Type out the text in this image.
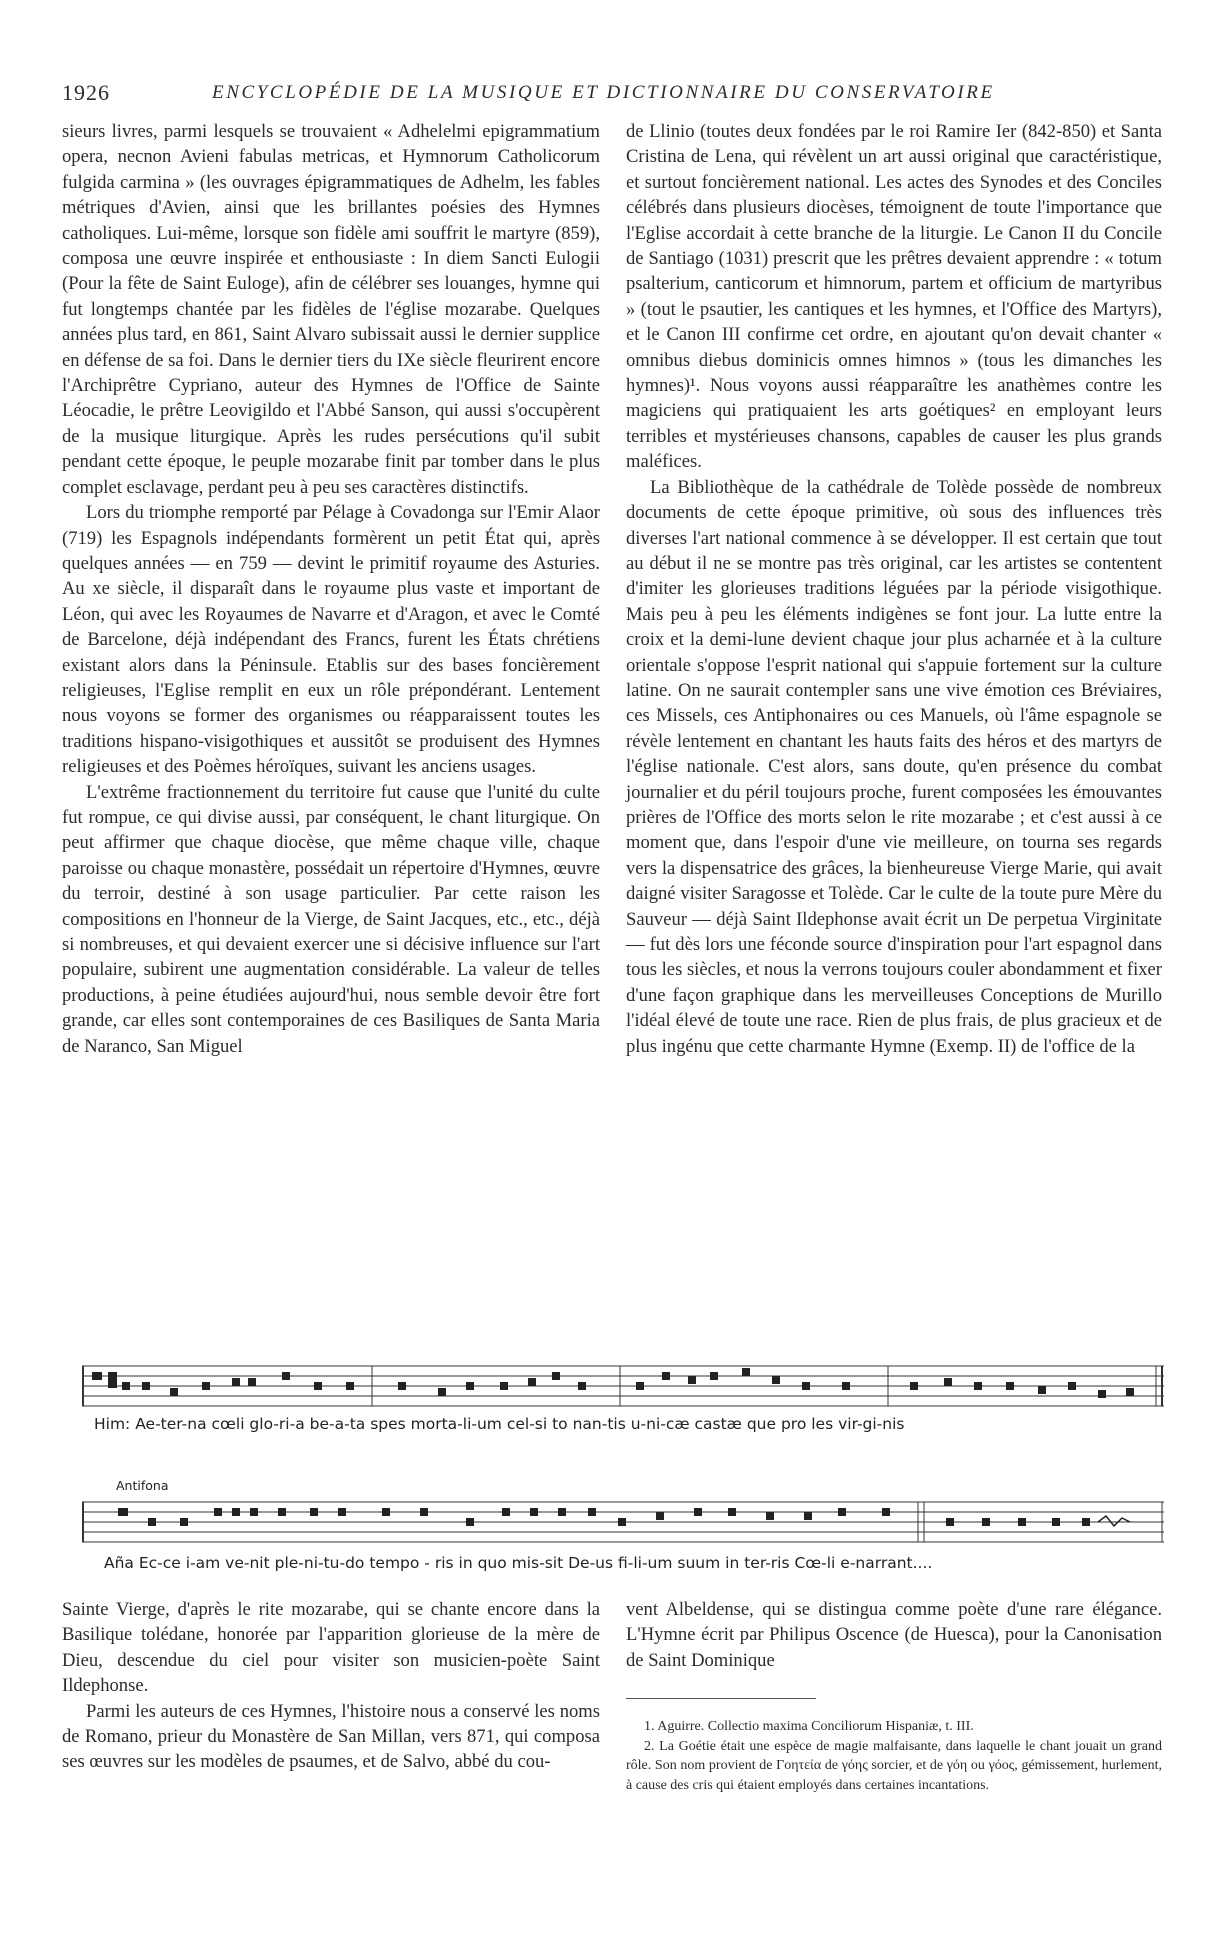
1926	ENCYCLOPÉDIE DE LA MUSIQUE ET DICTIONNAIRE DU CONSERVATOIRE

sieurs livres, parmi lesquels se trouvaient « Adhelelmi epigrammatium opera, necnon Avieni fabulas metricas, et Hymnorum Catholicorum fulgida carmina » (les ouvrages épigrammatiques de Adhelm, les fables métriques d'Avien, ainsi que les brillantes poésies des Hymnes catholiques. Lui-même, lorsque son fidèle ami souffrit le martyre (859), composa une œuvre inspirée et enthousiaste : In diem Sancti Eulogii (Pour la fête de Saint Euloge), afin de célébrer ses louanges, hymne qui fut longtemps chantée par les fidèles de l'église mozarabe. Quelques années plus tard, en 861, Saint Alvaro subissait aussi le dernier supplice en défense de sa foi. Dans le dernier tiers du IXe siècle fleurirent encore l'Archiprêtre Cypriano, auteur des Hymnes de l'Office de Sainte Léocadie, le prêtre Leovigildo et l'Abbé Sanson, qui aussi s'occupèrent de la musique liturgique. Après les rudes persécutions qu'il subit pendant cette époque, le peuple mozarabe finit par tomber dans le plus complet esclavage, perdant peu à peu ses caractères distinctifs.

Lors du triomphe remporté par Pélage à Covadonga sur l'Emir Alaor (719) les Espagnols indépendants formèrent un petit État qui, après quelques années — en 759 — devint le primitif royaume des Asturies. Au xe siècle, il disparaît dans le royaume plus vaste et important de Léon, qui avec les Royaumes de Navarre et d'Aragon, et avec le Comté de Barcelone, déjà indépendant des Francs, furent les États chrétiens existant alors dans la Péninsule. Etablis sur des bases foncièrement religieuses, l'Eglise remplit en eux un rôle prépondérant. Lentement nous voyons se former des organismes ou réapparaissent toutes les traditions hispano-visigothiques et aussitôt se produisent des Hymnes religieuses et des Poèmes héroïques, suivant les anciens usages.

L'extrême fractionnement du territoire fut cause que l'unité du culte fut rompue, ce qui divise aussi, par conséquent, le chant liturgique. On peut affirmer que chaque diocèse, que même chaque ville, chaque paroisse ou chaque monastère, possédait un répertoire d'Hymnes, œuvre du terroir, destiné à son usage particulier. Par cette raison les compositions en l'honneur de la Vierge, de Saint Jacques, etc., etc., déjà si nombreuses, et qui devaient exercer une si décisive influence sur l'art populaire, subirent une augmentation considérable. La valeur de telles productions, à peine étudiées aujourd'hui, nous semble devoir être fort grande, car elles sont contemporaines de ces Basiliques de Santa Maria de Naranco, San Miguel

de Llinio (toutes deux fondées par le roi Ramire Ier (842-850) et Santa Cristina de Lena, qui révèlent un art aussi original que caractéristique, et surtout foncièrement national. Les actes des Synodes et des Conciles célébrés dans plusieurs diocèses, témoignent de toute l'importance que l'Eglise accordait à cette branche de la liturgie. Le Canon II du Concile de Santiago (1031) prescrit que les prêtres devaient apprendre : « totum psalterium, canticorum et himnorum, partem et officium de martyribus » (tout le psautier, les cantiques et les hymnes, et l'Office des Martyrs), et le Canon III confirme cet ordre, en ajoutant qu'on devait chanter « omnibus diebus dominicis omnes himnos » (tous les dimanches les hymnes)¹. Nous voyons aussi réapparaître les anathèmes contre les magiciens qui pratiquaient les arts goétiques² en employant leurs terribles et mystérieuses chansons, capables de causer les plus grands maléfices.

La Bibliothèque de la cathédrale de Tolède possède de nombreux documents de cette époque primitive, où sous des influences très diverses l'art national commence à se développer. Il est certain que tout au début il ne se montre pas très original, car les artistes se contentent d'imiter les glorieuses traditions léguées par la période visigothique. Mais peu à peu les éléments indigènes se font jour. La lutte entre la croix et la demi-lune devient chaque jour plus acharnée et à la culture orientale s'oppose l'esprit national qui s'appuie fortement sur la culture latine. On ne saurait contempler sans une vive émotion ces Bréviaires, ces Missels, ces Antiphonaires ou ces Manuels, où l'âme espagnole se révèle lentement en chantant les hauts faits des héros et des martyrs de l'église nationale. C'est alors, sans doute, qu'en présence du combat journalier et du péril toujours proche, furent composées les émouvantes prières de l'Office des morts selon le rite mozarabe ; et c'est aussi à ce moment que, dans l'espoir d'une vie meilleure, on tourna ses regards vers la dispensatrice des grâces, la bienheureuse Vierge Marie, qui avait daigné visiter Saragosse et Tolède. Car le culte de la toute pure Mère du Sauveur — déjà Saint Ildephonse avait écrit un De perpetua Virginitate — fut dès lors une féconde source d'inspiration pour l'art espagnol dans tous les siècles, et nous la verrons toujours couler abondamment et fixer d'une façon graphique dans les merveilleuses Conceptions de Murillo l'idéal élevé de toute une race. Rien de plus frais, de plus gracieux et de plus ingénu que cette charmante Hymne (Exemp. II) de l'office de la

Him: Ae-ter-na cœli glo-ri-a be-a-ta spes morta-li-um cel-si to nan-tis u-ni-cæ castæ que pro les vir-gi-nis
Antifona
Aña Ec-ce i-am ve-nit ple-ni-tu-do tempo - ris in quo mis-sit De-us fi-li-um suum in ter-ris Cœ-li e-narrant....

Sainte Vierge, d'après le rite mozarabe, qui se chante encore dans la Basilique tolédane, honorée par l'apparition glorieuse de la mère de Dieu, descendue du ciel pour visiter son musicien-poète Saint Ildephonse.

Parmi les auteurs de ces Hymnes, l'histoire nous a conservé les noms de Romano, prieur du Monastère de San Millan, vers 871, qui composa ses œuvres sur les modèles de psaumes, et de Salvo, abbé du cou-

vent Albeldense, qui se distingua comme poète d'une rare élégance. L'Hymne écrit par Philipus Oscence (de Huesca), pour la Canonisation de Saint Dominique

1. Aguirre. Collectio maxima Conciliorum Hispaniæ, t. III.

2. La Goétie était une espèce de magie malfaisante, dans laquelle le chant jouait un grand rôle. Son nom provient de Γοητεία de γόης sorcier, et de γόη ou γόος, gémissement, hurlement, à cause des cris qui étaient employés dans certaines incantations.
